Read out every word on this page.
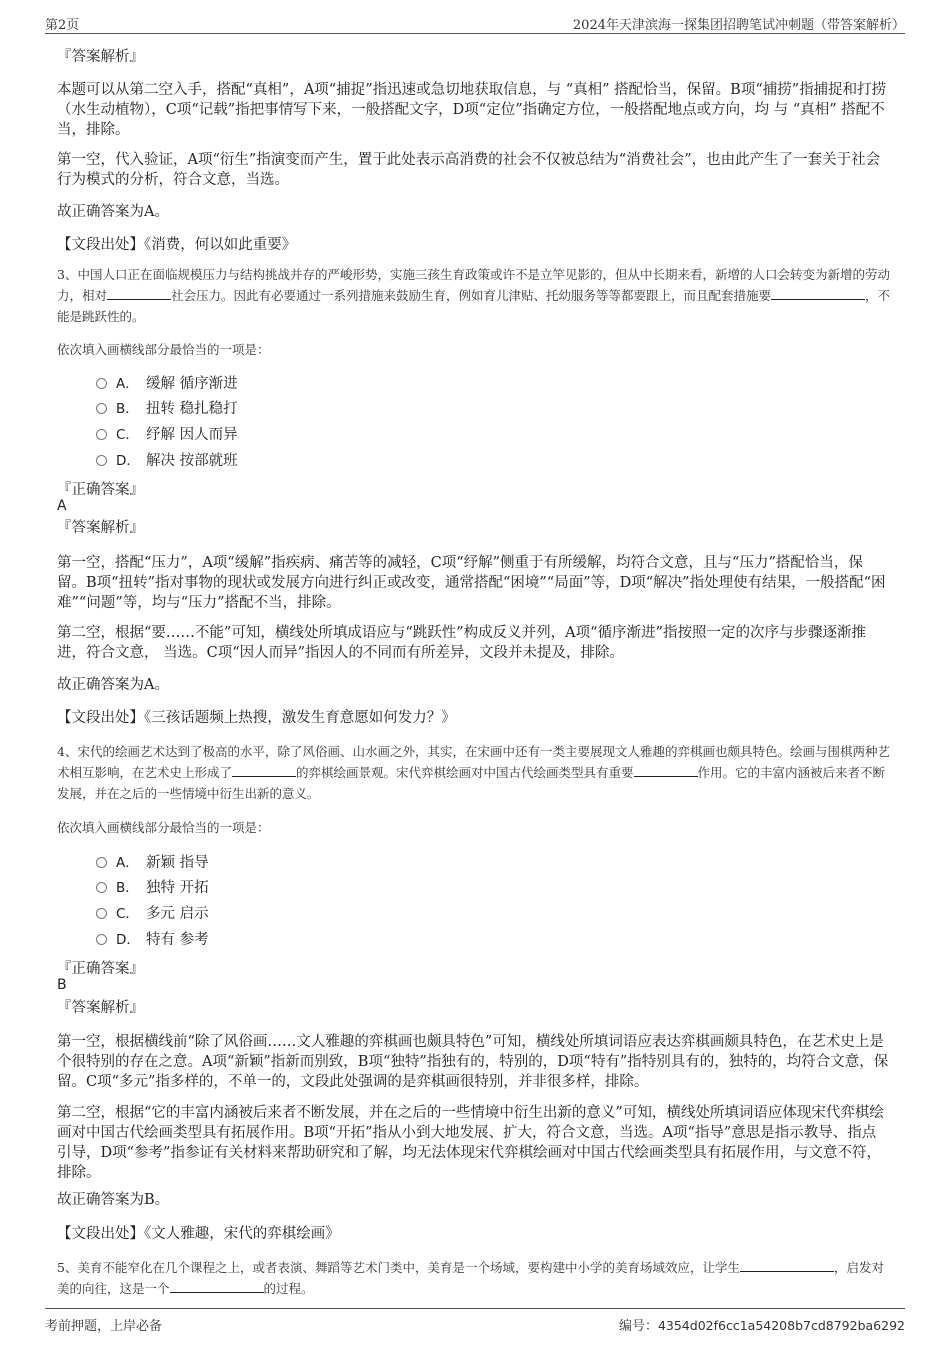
第2页	2024年天津滨海一探集团招聘笔试冲刺题（带答案解析）
『答案解析』
本题可以从第二空入手，搭配“真相”，A项“捕捉”指迅速或急切地获取信息，与 “真相” 搭配恰当，保留。B项“捕捞”指捕捉和打捞（水生动植物），C项“记载”指把事情写下来，一般搭配文字，D项“定位”指确定方位，一般搭配地点或方向，均 与 “真相” 搭配不当，排除。
第一空，代入验证，A项“衍生”指演变而产生，置于此处表示高消费的社会不仅被总结为“消费社会”，也由此产生了一套关于社会行为模式的分析，符合文意，当选。
故正确答案为A。
【文段出处】《消费，何以如此重要》
3、中国人口正在面临规模压力与结构挑战并存的严峻形势，实施三孩生育政策或许不是立竿见影的，但从中长期来看，新增的人口会转变为新增的劳动力，相对	社会压力。因此有必要通过一系列措施来鼓励生育，例如育儿津贴、托幼服务等等都要跟上，而且配套措施要	，不能是跳跃性的。
依次填入画横线部分最恰当的一项是：
A． 缓解 循序渐进
B． 扭转 稳扎稳打
C． 纾解 因人而异
D． 解决 按部就班
『正确答案』
A
『答案解析』
第一空，搭配“压力”，A项“缓解”指疾病、痛苦等的减轻，C项“纾解”侧重于有所缓解，均符合文意，且与“压力”搭配恰当，保留。B项“扭转”指对事物的现状或发展方向进行纠正或改变，通常搭配“困境”“局面”等，D项“解决”指处理使有结果，一般搭配“困难”“问题”等，均与“压力”搭配不当，排除。
第二空，根据“要……不能”可知，横线处所填成语应与“跳跃性”构成反义并列，A项“循序渐进”指按照一定的次序与步骤逐渐推进，符合文意， 当选。C项“因人而异”指因人的不同而有所差异，文段并未提及，排除。
故正确答案为A。
【文段出处】《三孩话题频上热搜，激发生育意愿如何发力？》
4、宋代的绘画艺术达到了极高的水平，除了风俗画、山水画之外，其实，在宋画中还有一类主要展现文人雅趣的弈棋画也颇具特色。绘画与围棋两种艺术相互影响，在艺术史上形成了	的弈棋绘画景观。宋代弈棋绘画对中国古代绘画类型具有重要	作用。它的丰富内涵被后来者不断发展，并在之后的一些情境中衍生出新的意义。
依次填入画横线部分最恰当的一项是：
A． 新颖 指导
B． 独特 开拓
C． 多元 启示
D． 特有 参考
『正确答案』
B
『答案解析』
第一空，根据横线前“除了风俗画……文人雅趣的弈棋画也颇具特色”可知，横线处所填词语应表达弈棋画颇具特色，在艺术史上是个很特别的存在之意。A项“新颖”指新而别致，B项“独特”指独有的，特别的，D项“特有”指特别具有的，独特的，均符合文意，保留。C项“多元”指多样的，不单一的，文段此处强调的是弈棋画很特别，并非很多样，排除。
第二空，根据“它的丰富内涵被后来者不断发展，并在之后的一些情境中衍生出新的意义”可知，横线处所填词语应体现宋代弈棋绘画对中国古代绘画类型具有拓展作用。B项“开拓”指从小到大地发展、扩大，符合文意，当选。A项“指导”意思是指示教导、指点引导，D项“参考”指参证有关材料来帮助研究和了解，均无法体现宋代弈棋绘画对中国古代绘画类型具有拓展作用，与文意不符，排除。
故正确答案为B。
【文段出处】《文人雅趣，宋代的弈棋绘画》
5、美育不能窄化在几个课程之上，或者表演、舞蹈等艺术门类中，美育是一个场域，要构建中小学的美育场域效应，让学生	，启发对美的向往，这是一个	的过程。
考前押题，上岸必备	编号：4354d02f6cc1a54208b7cd8792ba6292
